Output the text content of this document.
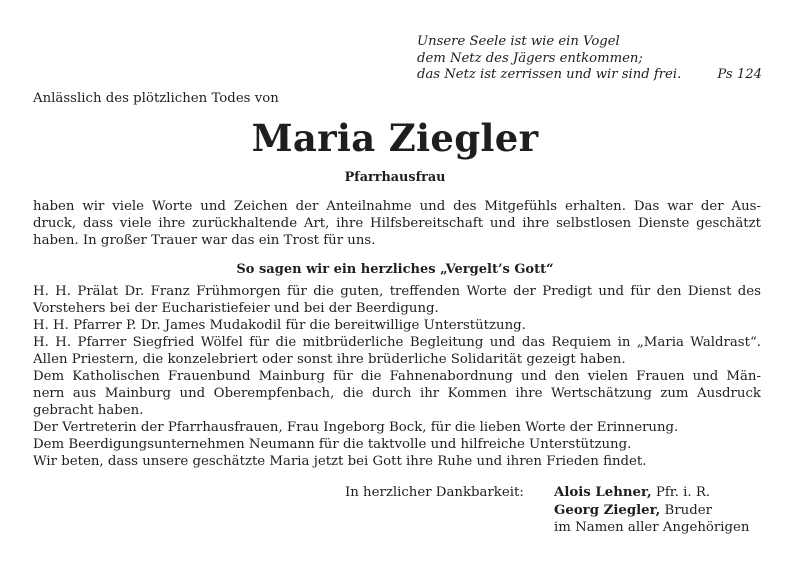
Unsere Seele ist wie ein Vogel
dem Netz des Jägers entkommen;
das Netz ist zerrissen und wir sind frei.	Ps 124
Anlässlich des plötzlichen Todes von
Maria Ziegler
Pfarrhausfrau
haben wir viele Worte und Zeichen der Anteilnahme und des Mitgefühls erhalten. Das war der Aus-
druck, dass viele ihre zurückhaltende Art, ihre Hilfsbereitschaft und ihre selbstlosen Dienste geschätzt
haben. In großer Trauer war das ein Trost für uns.
So sagen wir ein herzliches „Vergelt’s Gott“
H. H. Prälat Dr. Franz Frühmorgen für die guten, treffenden Worte der Predigt und für den Dienst des
Vorstehers bei der Eucharistiefeier und bei der Beerdigung.
H. H. Pfarrer P. Dr. James Mudakodil für die bereitwillige Unterstützung.
H. H. Pfarrer Siegfried Wölfel für die mitbrüderliche Begleitung und das Requiem in „Maria Waldrast“.
Allen Priestern, die konzelebriert oder sonst ihre brüderliche Solidarität gezeigt haben.
Dem Katholischen Frauenbund Mainburg für die Fahnenabordnung und den vielen Frauen und Män-
nern aus Mainburg und Oberempfenbach, die durch ihr Kommen ihre Wertschätzung zum Ausdruck
gebracht haben.
Der Vertreterin der Pfarrhausfrauen, Frau Ingeborg Bock, für die lieben Worte der Erinnerung.
Dem Beerdigungsunternehmen Neumann für die taktvolle und hilfreiche Unterstützung.
Wir beten, dass unsere geschätzte Maria jetzt bei Gott ihre Ruhe und ihren Frieden findet.
In herzlicher Dankbarkeit: Alois Lehner, Pfr. i. R.
Georg Ziegler, Bruder
im Namen aller Angehörigen
